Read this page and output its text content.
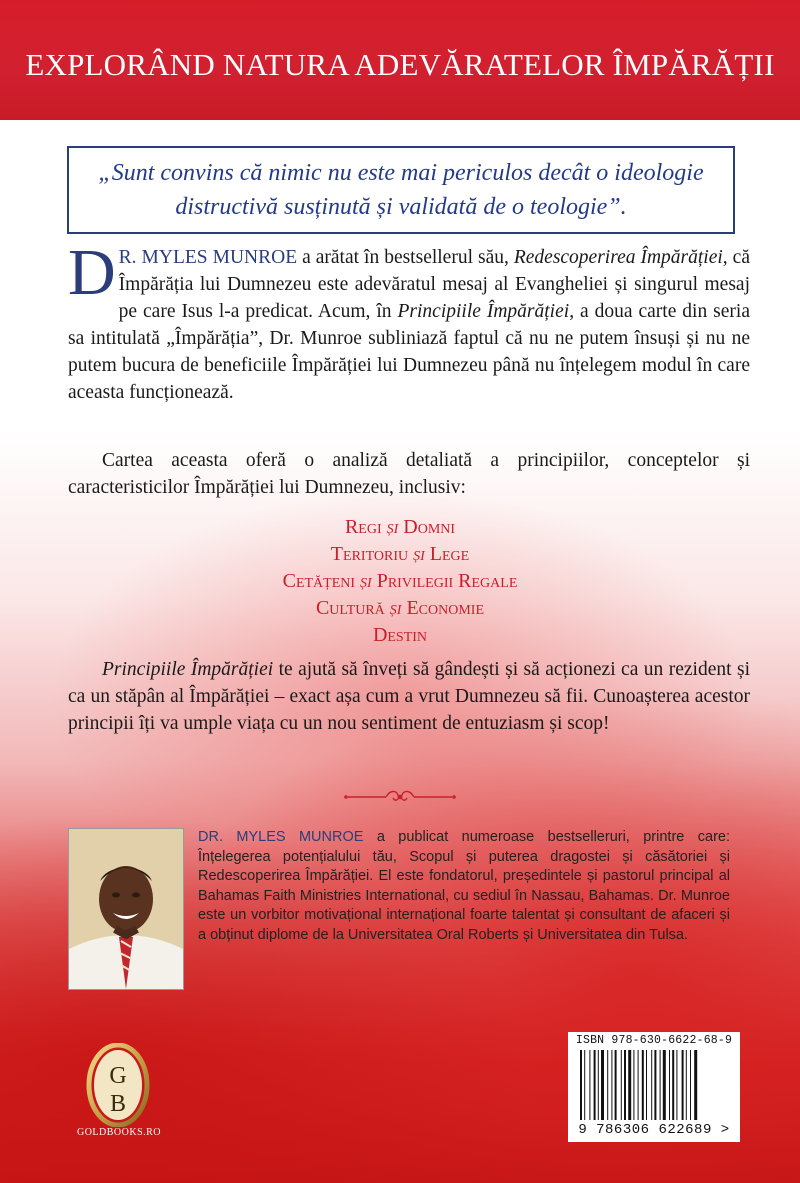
EXPLORÂND NATURA ADEVĂRATELOR ÎMPĂRĂȚII
„Sunt convins că nimic nu este mai periculos decât o ideologie distructivă susținută și validată de o teologie”.
D R. MYLES MUNROE a arătat în bestsellerul său, Redescoperirea Împărăției, că Împărăția lui Dumnezeu este adevăratul mesaj al Evangheliei și singurul mesaj pe care Isus l-a predicat. Acum, în Principiile Împărăției, a doua carte din seria sa intitulată „Împărăția”, Dr. Munroe subliniază faptul că nu ne putem însuși și nu ne putem bucura de beneficiile Împărăției lui Dumnezeu până nu înțelegem modul în care aceasta funcționează.
Cartea aceasta oferă o analiză detaliată a principiilor, conceptelor și caracteristicilor Împărăției lui Dumnezeu, inclusiv:
Regi și Domni
Teritoriu și Lege
Cetățeni și Privilegii Regale
Cultură și Economie
Destin
Principiile Împărăției te ajută să înveți să gândești și să acționezi ca un rezident și ca un stăpân al Împărăției – exact așa cum a vrut Dumnezeu să fii. Cunoașterea acestor principii îți va umple viața cu un nou sentiment de entuziasm și scop!
DR. MYLES MUNROE a publicat numeroase bestselleruri, printre care: Înțelegerea potențialului tău, Scopul și puterea dragostei și căsătoriei și Redescoperirea Împărăției. El este fondatorul, președintele și pastorul principal al Bahamas Faith Ministries International, cu sediul în Nassau, Bahamas. Dr. Munroe este un vorbitor motivațional internațional foarte talentat și consultant de afaceri și a obținut diplome de la Universitatea Oral Roberts și Universitatea din Tulsa.
G
B
GOLDBOOKS.RO
ISBN 978-630-6622-68-9
9 786306 622689 >
